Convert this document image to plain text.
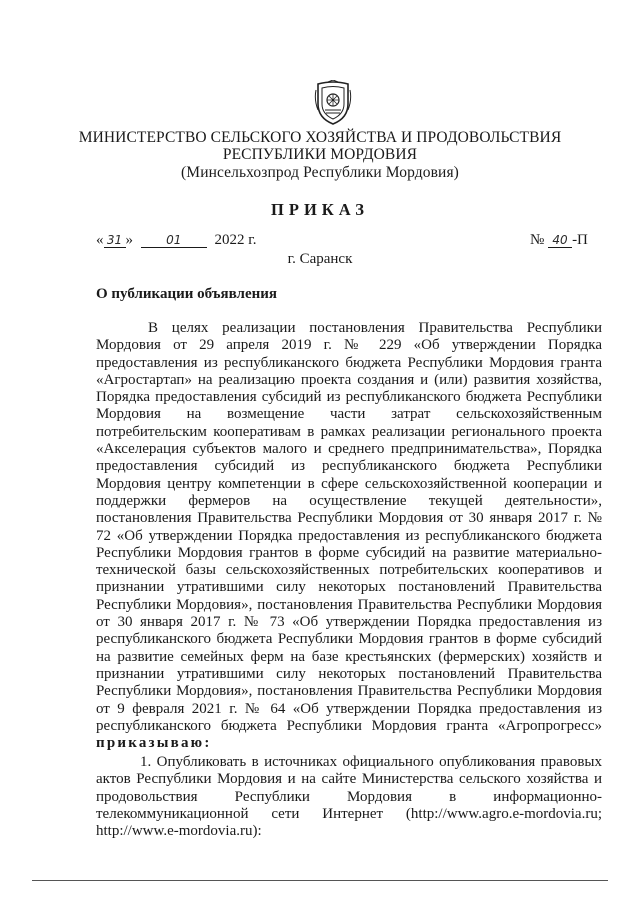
МИНИСТЕРСТВО СЕЛЬСКОГО ХОЗЯЙСТВА И ПРОДОВОЛЬСТВИЯ
РЕСПУБЛИКИ МОРДОВИЯ
(Минсельхозпрод Республики Мордовия)
ПРИКАЗ
« 31 »	01 2022 г.	№ 40 -П
г. Саранск
О публикации объявления

В целях реализации постановления Правительства Республики Мордовия от 29 апреля 2019 г. № 229 «Об утверждении Порядка предоставления из республиканского бюджета Республики Мордовия гранта «Агростартап» на реализацию проекта создания и (или) развития хозяйства, Порядка предоставления субсидий из республиканского бюджета Республики Мордовия на возмещение части затрат сельскохозяйственным потребительским кооперативам в рамках реализации регионального проекта «Акселерация субъектов малого и среднего предпринимательства», Порядка предоставления субсидий из республиканского бюджета Республики Мордовия центру компетенции в сфере сельскохозяйственной кооперации и поддержки фермеров на осуществление текущей деятельности», постановления Правительства Республики Мордовия от 30 января 2017 г. № 72 «Об утверждении Порядка предоставления из республиканского бюджета Республики Мордовия грантов в форме субсидий на развитие материально-технической базы сельскохозяйственных потребительских кооперативов и признании утратившими силу некоторых постановлений Правительства Республики Мордовия», постановления Правительства Республики Мордовия от 30 января 2017 г. № 73 «Об утверждении Порядка предоставления из республиканского бюджета Республики Мордовия грантов в форме субсидий на развитие семейных ферм на базе крестьянских (фермерских) хозяйств и признании утратившими силу некоторых постановлений Правительства Республики Мордовия», постановления Правительства Республики Мордовия от 9 февраля 2021 г. № 64 «Об утверждении Порядка предоставления из республиканского бюджета Республики Мордовия гранта «Агропрогресс» приказываю:

1. Опубликовать в источниках официального опубликования правовых актов Республики Мордовия и на сайте Министерства сельского хозяйства и продовольствия Республики Мордовия в информационно-телекоммуникационной сети Интернет (http://www.agro.e-mordovia.ru; http://www.e-mordovia.ru):
